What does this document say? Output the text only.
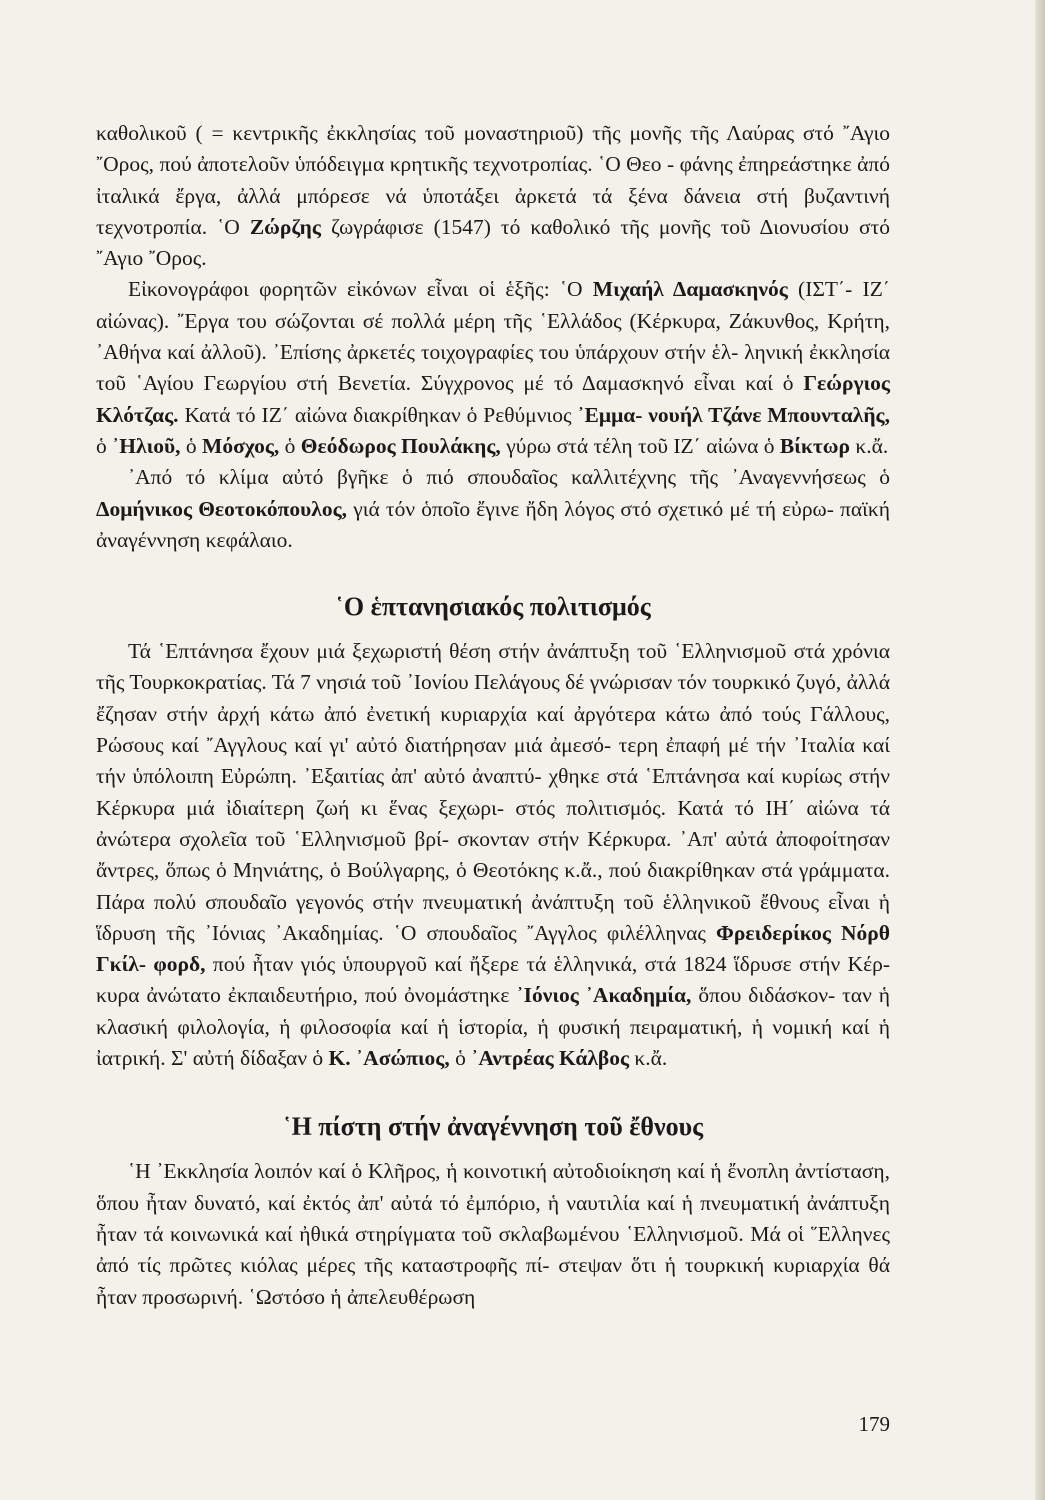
καθολικοῦ ( = κεντρικῆς ἐκκλησίας τοῦ μοναστηριοῦ) τῆς μονῆς τῆς Λαύρας στό ῎Αγιο ῎Ορος, πού ἀποτελοῦν ὑπόδειγμα κρητικῆς τεχνοτροπίας. ῾Ο Θεο - φάνης ἐπηρεάστηκε ἀπό ἰταλικά ἔργα, ἀλλά μπόρεσε νά ὑποτάξει ἀρκετά τά ξένα δάνεια στή βυζαντινή τεχνοτροπία. ῾Ο Ζώρζης ζωγράφισε (1547) τό καθολικό τῆς μονῆς τοῦ Διονυσίου στό ῎Αγιο ῎Ορος.

Εἰκονογράφοι φορητῶν εἰκόνων εἶναι οἱ ἑξῆς: ῾Ο Μιχαήλ Δαμασκηνός (ΙΣΤ΄- ΙΖ΄ αἰώνας). ῎Εργα του σώζονται σέ πολλά μέρη τῆς ῾Ελλάδος (Κέρκυρα, Ζάκυνθος, Κρήτη, ᾿Αθήνα καί ἀλλοῦ). ᾿Επίσης ἀρκετές τοιχογραφίες του ὑπάρχουν στήν ἑλ- ληνική ἐκκλησία τοῦ ῾Αγίου Γεωργίου στή Βενετία. Σύγχρονος μέ τό Δαμασκηνό εἶναι καί ὁ Γεώργιος Κλότζας. Κατά τό ΙΖ΄ αἰώνα διακρίθηκαν ὁ Ρεθύμνιος ᾿Εμμα- νουήλ Τζάνε Μπουνταλῆς, ὁ ᾿Ηλιοῦ, ὁ Μόσχος, ὁ Θεόδωρος Πουλάκης, γύρω στά τέλη τοῦ ΙΖ΄ αἰώνα ὁ Βίκτωρ κ.ἄ.

᾿Από τό κλίμα αὐτό βγῆκε ὁ πιό σπουδαῖος καλλιτέχνης τῆς ᾿Αναγεννήσεως ὁ Δομήνικος Θεοτοκόπουλος, γιά τόν ὁποῖο ἔγινε ἤδη λόγος στό σχετικό μέ τή εὐρω- παϊκή ἀναγέννηση κεφάλαιο.

῾Ο ἑπτανησιακός πολιτισμός

Τά ῾Επτάνησα ἔχουν μιά ξεχωριστή θέση στήν ἀνάπτυξη τοῦ ῾Ελληνισμοῦ στά χρόνια τῆς Τουρκοκρατίας. Τά 7 νησιά τοῦ ᾿Ιονίου Πελάγους δέ γνώρισαν τόν τουρκικό ζυγό, ἀλλά ἔζησαν στήν ἀρχή κάτω ἀπό ἐνετική κυριαρχία καί ἀργότερα κάτω ἀπό τούς Γάλλους, Ρώσους καί ῎Αγγλους καί γι' αὐτό διατήρησαν μιά ἀμεσό- τερη ἐπαφή μέ τήν ᾿Ιταλία καί τήν ὑπόλοιπη Εὐρώπη. ᾿Εξαιτίας ἀπ' αὐτό ἀναπτύ- χθηκε στά ῾Επτάνησα καί κυρίως στήν Κέρκυρα μιά ἰδιαίτερη ζωή κι ἕνας ξεχωρι- στός πολιτισμός. Κατά τό ΙΗ΄ αἰώνα τά ἀνώτερα σχολεῖα τοῦ ῾Ελληνισμοῦ βρί- σκονταν στήν Κέρκυρα. ᾿Απ' αὐτά ἀποφοίτησαν ἄντρες, ὅπως ὁ Μηνιάτης, ὁ Βούλγαρης, ὁ Θεοτόκης κ.ἄ., πού διακρίθηκαν στά γράμματα. Πάρα πολύ σπουδαῖο γεγονός στήν πνευματική ἀνάπτυξη τοῦ ἑλληνικοῦ ἔθνους εἶναι ἡ ἵδρυση τῆς ᾿Ιόνιας ᾿Ακαδημίας. ῾Ο σπουδαῖος ῎Αγγλος φιλέλληνας Φρειδερίκος Νόρθ Γκίλ- φορδ, πού ἦταν γιός ὑπουργοῦ καί ἤξερε τά ἑλληνικά, στά 1824 ἵδρυσε στήν Κέρ- κυρα ἀνώτατο ἐκπαιδευτήριο, πού ὀνομάστηκε ᾿Ιόνιος ᾿Ακαδημία, ὅπου διδάσκον- ταν ἡ κλασική φιλολογία, ἡ φιλοσοφία καί ἡ ἱστορία, ἡ φυσική πειραματική, ἡ νομική καί ἡ ἰατρική. Σ' αὐτή δίδαξαν ὁ Κ. ᾿Ασώπιος, ὁ ᾿Αντρέας Κάλβος κ.ἄ.

῾Η πίστη στήν ἀναγέννηση τοῦ ἔθνους

῾Η ᾿Εκκλησία λοιπόν καί ὁ Κλῆρος, ἡ κοινοτική αὐτοδιοίκηση καί ἡ ἔνοπλη ἀντίσταση, ὅπου ἦταν δυνατό, καί ἐκτός ἀπ' αὐτά τό ἐμπόριο, ἡ ναυτιλία καί ἡ πνευματική ἀνάπτυξη ἦταν τά κοινωνικά καί ἠθικά στηρίγματα τοῦ σκλαβωμένου ῾Ελληνισμοῦ. Μά οἱ ῞Ελληνες ἀπό τίς πρῶτες κιόλας μέρες τῆς καταστροφῆς πί- στεψαν ὅτι ἡ τουρκική κυριαρχία θά ἦταν προσωρινή. ῾Ωστόσο ἡ ἀπελευθέρωση

179
